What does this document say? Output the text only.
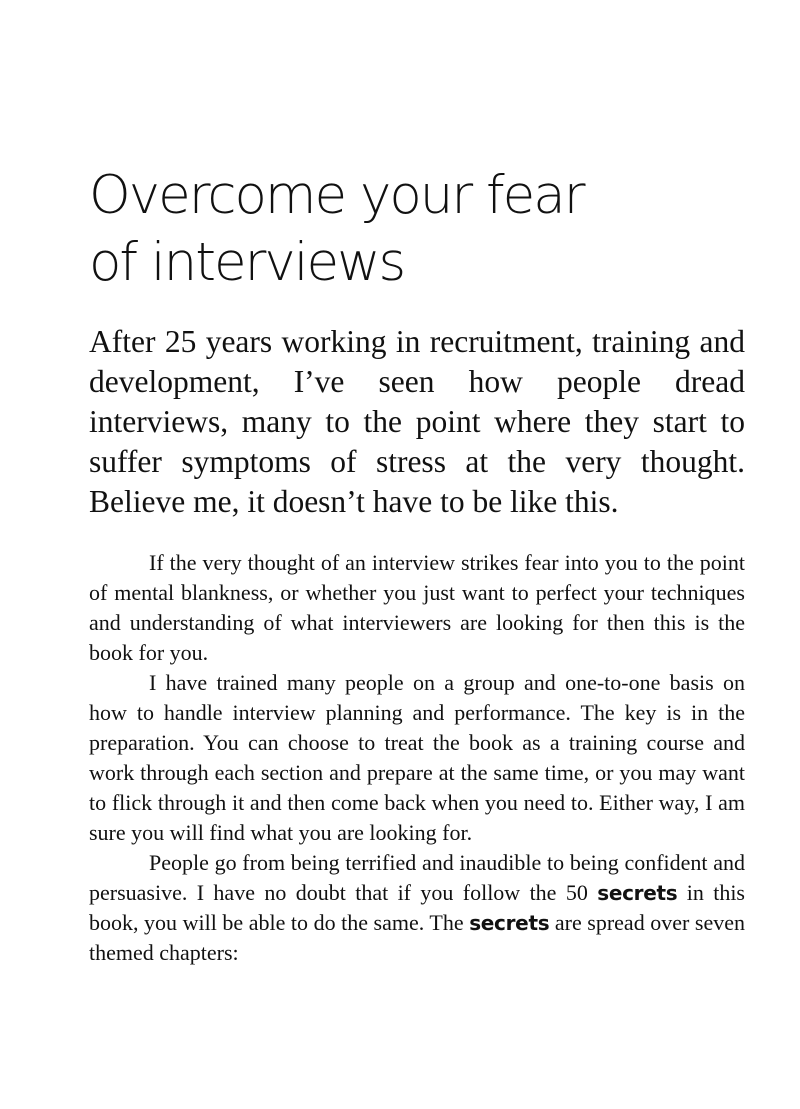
Overcome your fear
of interviews

After 25 years working in recruitment, training and development, I’ve seen how people dread interviews, many to the point where they start to suffer symptoms of stress at the very thought. Believe me, it doesn’t have to be like this.

If the very thought of an interview strikes fear into you to the point of mental blankness, or whether you just want to perfect your techniques and understanding of what interviewers are looking for then this is the book for you.

I have trained many people on a group and one-to-one basis on how to handle interview planning and performance. The key is in the preparation. You can choose to treat the book as a training course and work through each section and prepare at the same time, or you may want to flick through it and then come back when you need to. Either way, I am sure you will find what you are looking for.

People go from being terrified and inaudible to being confident and persuasive. I have no doubt that if you follow the 50 secrets in this book, you will be able to do the same. The secrets are spread over seven themed chapters:
